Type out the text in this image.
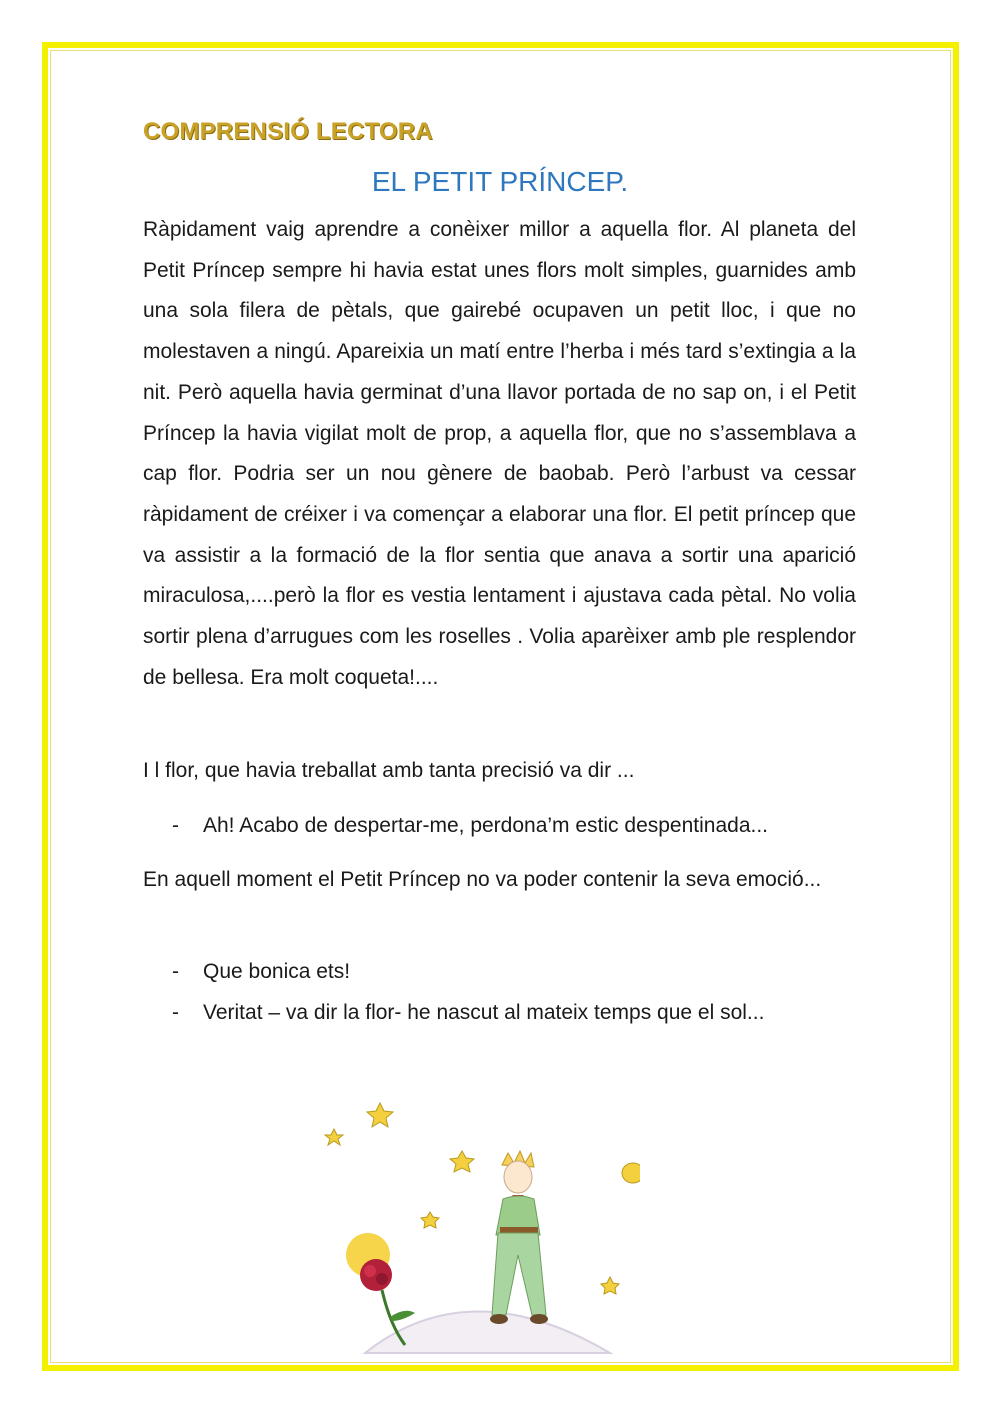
COMPRENSIÓ LECTORA
EL PETIT PRÍNCEP.
Ràpidament vaig aprendre a conèixer millor a aquella flor. Al planeta del Petit Príncep sempre hi havia estat unes flors molt simples, guarnides amb una sola filera de pètals, que gairebé ocupaven un petit lloc, i que no molestaven a ningú. Apareixia un matí entre l’herba i més tard s’extingia a la nit. Però aquella havia germinat d’una llavor portada de no sap on, i el Petit Príncep la havia vigilat molt de prop, a aquella flor, que no s’assemblava a cap flor. Podria ser un nou gènere de baobab. Però l’arbust va cessar ràpidament de créixer i va començar a elaborar una flor. El petit príncep que va assistir a la formació de la flor sentia que anava a sortir una aparició miraculosa,....però la flor es vestia lentament i ajustava cada pètal. No volia sortir plena d’arrugues com les roselles . Volia aparèixer amb ple resplendor de bellesa. Era molt coqueta!....
I l flor, que havia treballat amb tanta precisió va dir ...
- Ah! Acabo de despertar-me, perdona’m estic despentinada...
En aquell moment el Petit Príncep no va poder contenir la seva emoció...
- Que bonica ets!
- Veritat – va dir la flor- he nascut al mateix temps que el sol...
